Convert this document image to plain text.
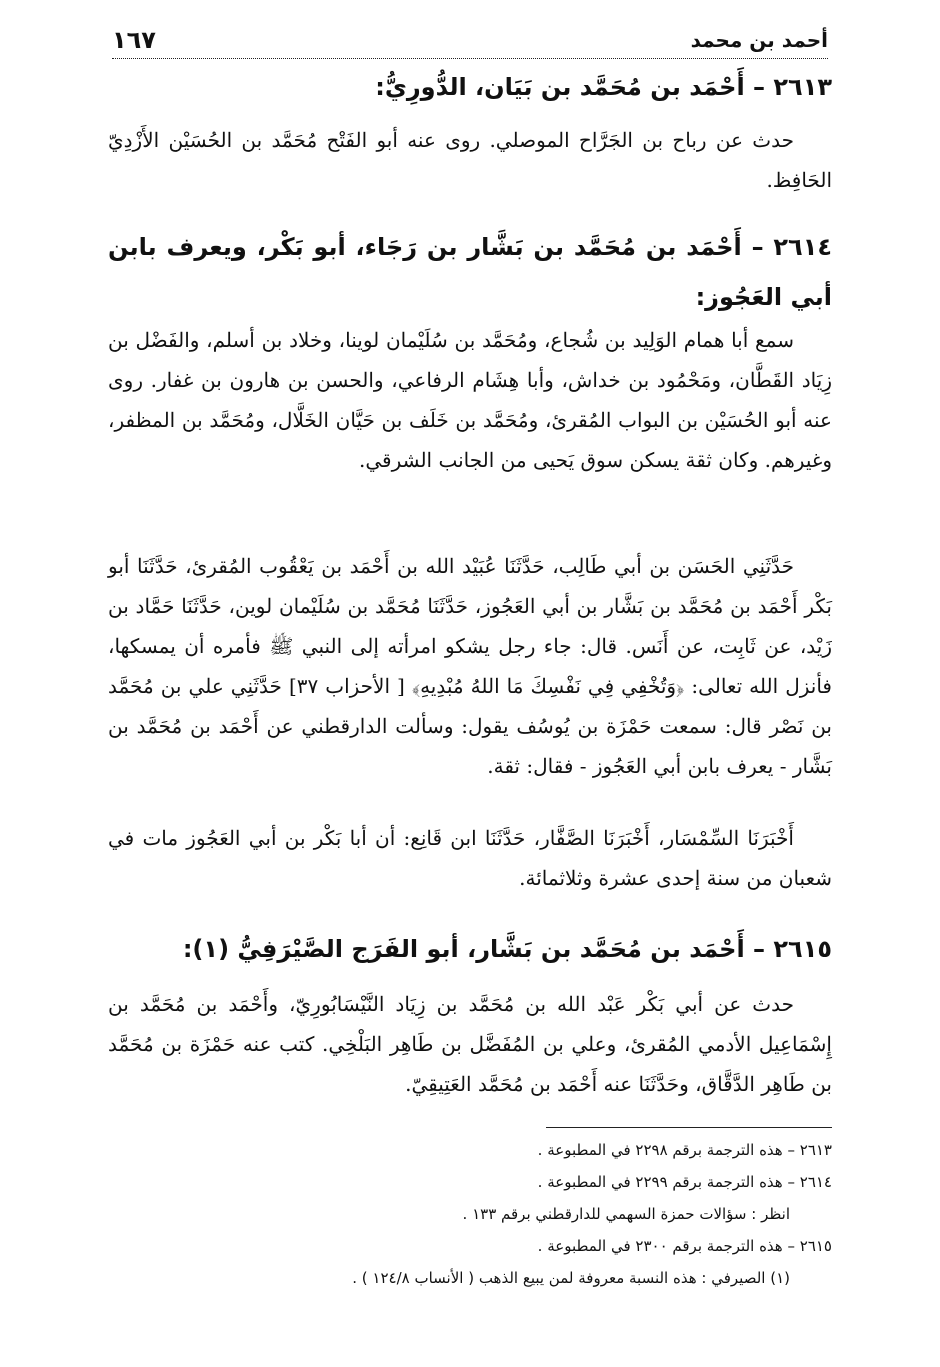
أحمد بن محمد
١٦٧
٢٦١٣ – أَحْمَد بن مُحَمَّد بن بَيَان، الدُّورِيُّ:
حدث عن رباح بن الجَرَّاح الموصلي. روى عنه أبو الفَتْح مُحَمَّد بن الحُسَيْن الأَزْدِيّ الحَافِظ.
٢٦١٤ – أَحْمَد بن مُحَمَّد بن بَشَّار بن رَجَاء، أبو بَكْر، ويعرف بابن أبي العَجُوز:
سمع أبا همام الوَلِيد بن شُجاع، ومُحَمَّد بن سُلَيْمان لوينا، وخلاد بن أسلم، والفَضْل بن زِيَاد القَطَّان، ومَحْمُود بن خداش، وأبا هِشَام الرفاعي، والحسن بن هارون بن غفار. روى عنه أبو الحُسَيْن بن البواب المُقرئ، ومُحَمَّد بن خَلَف بن حَيَّان الخَلَّال، ومُحَمَّد بن المظفر، وغيرهم. وكان ثقة يسكن سوق يَحيى من الجانب الشرقي.
حَدَّثَنِي الحَسَن بن أبي طَالِب، حَدَّثَنَا عُبَيْد الله بن أَحْمَد بن يَعْقُوب المُقرئ، حَدَّثَنَا أبو بَكْر أَحْمَد بن مُحَمَّد بن بَشَّار بن أبي العَجُوز، حَدَّثَنَا مُحَمَّد بن سُلَيْمان لوين، حَدَّثَنَا حَمَّاد بن زَيْد، عن ثَابِت، عن أَنَس. قال: جاء رجل يشكو امرأته إلى النبي ﷺ فأمره أن يمسكها، فأنزل الله تعالى: ﴿وَتُخْفِي فِي نَفْسِكَ مَا اللهُ مُبْدِيهِ﴾ [ الأحزاب ٣٧] حَدَّثَنِي علي بن مُحَمَّد بن نَصْر قال: سمعت حَمْزَة بن يُوسُف يقول: وسألت الدارقطني عن أَحْمَد بن مُحَمَّد بن بَشَّار - يعرف بابن أبي العَجُوز - فقال: ثقة.
أَخْبَرَنَا السِّمْسَار، أَخْبَرَنَا الصَّفَّار، حَدَّثَنَا ابن قَانِع: أن أبا بَكْر بن أبي العَجُوز مات في شعبان من سنة إحدى عشرة وثلاثمائة.
٢٦١٥ – أَحْمَد بن مُحَمَّد بن بَشَّار، أبو الفَرَج الصَّيْرَفِيُّ (١):
حدث عن أبي بَكْر عَبْد الله بن مُحَمَّد بن زِيَاد النَّيْسَابُورِيّ، وأَحْمَد بن مُحَمَّد بن إِسْمَاعِيل الأدمي المُقرئ، وعلي بن المُفَضَّل بن طَاهِر البَلْخِي. كتب عنه حَمْزَة بن مُحَمَّد بن طَاهِر الدَّقَّاق، وحَدَّثَنَا عنه أَحْمَد بن مُحَمَّد العَتِيقِيّ.
٢٦١٣ – هذه الترجمة برقم ٢٢٩٨ في المطبوعة .
٢٦١٤ – هذه الترجمة برقم ٢٢٩٩ في المطبوعة .
انظر : سؤالات حمزة السهمي للدارقطني برقم ١٣٣ .
٢٦١٥ – هذه الترجمة برقم ٢٣٠٠ في المطبوعة .
(١) الصيرفي : هذه النسبة معروفة لمن يبيع الذهب ( الأنساب ١٢٤/٨ ) .
